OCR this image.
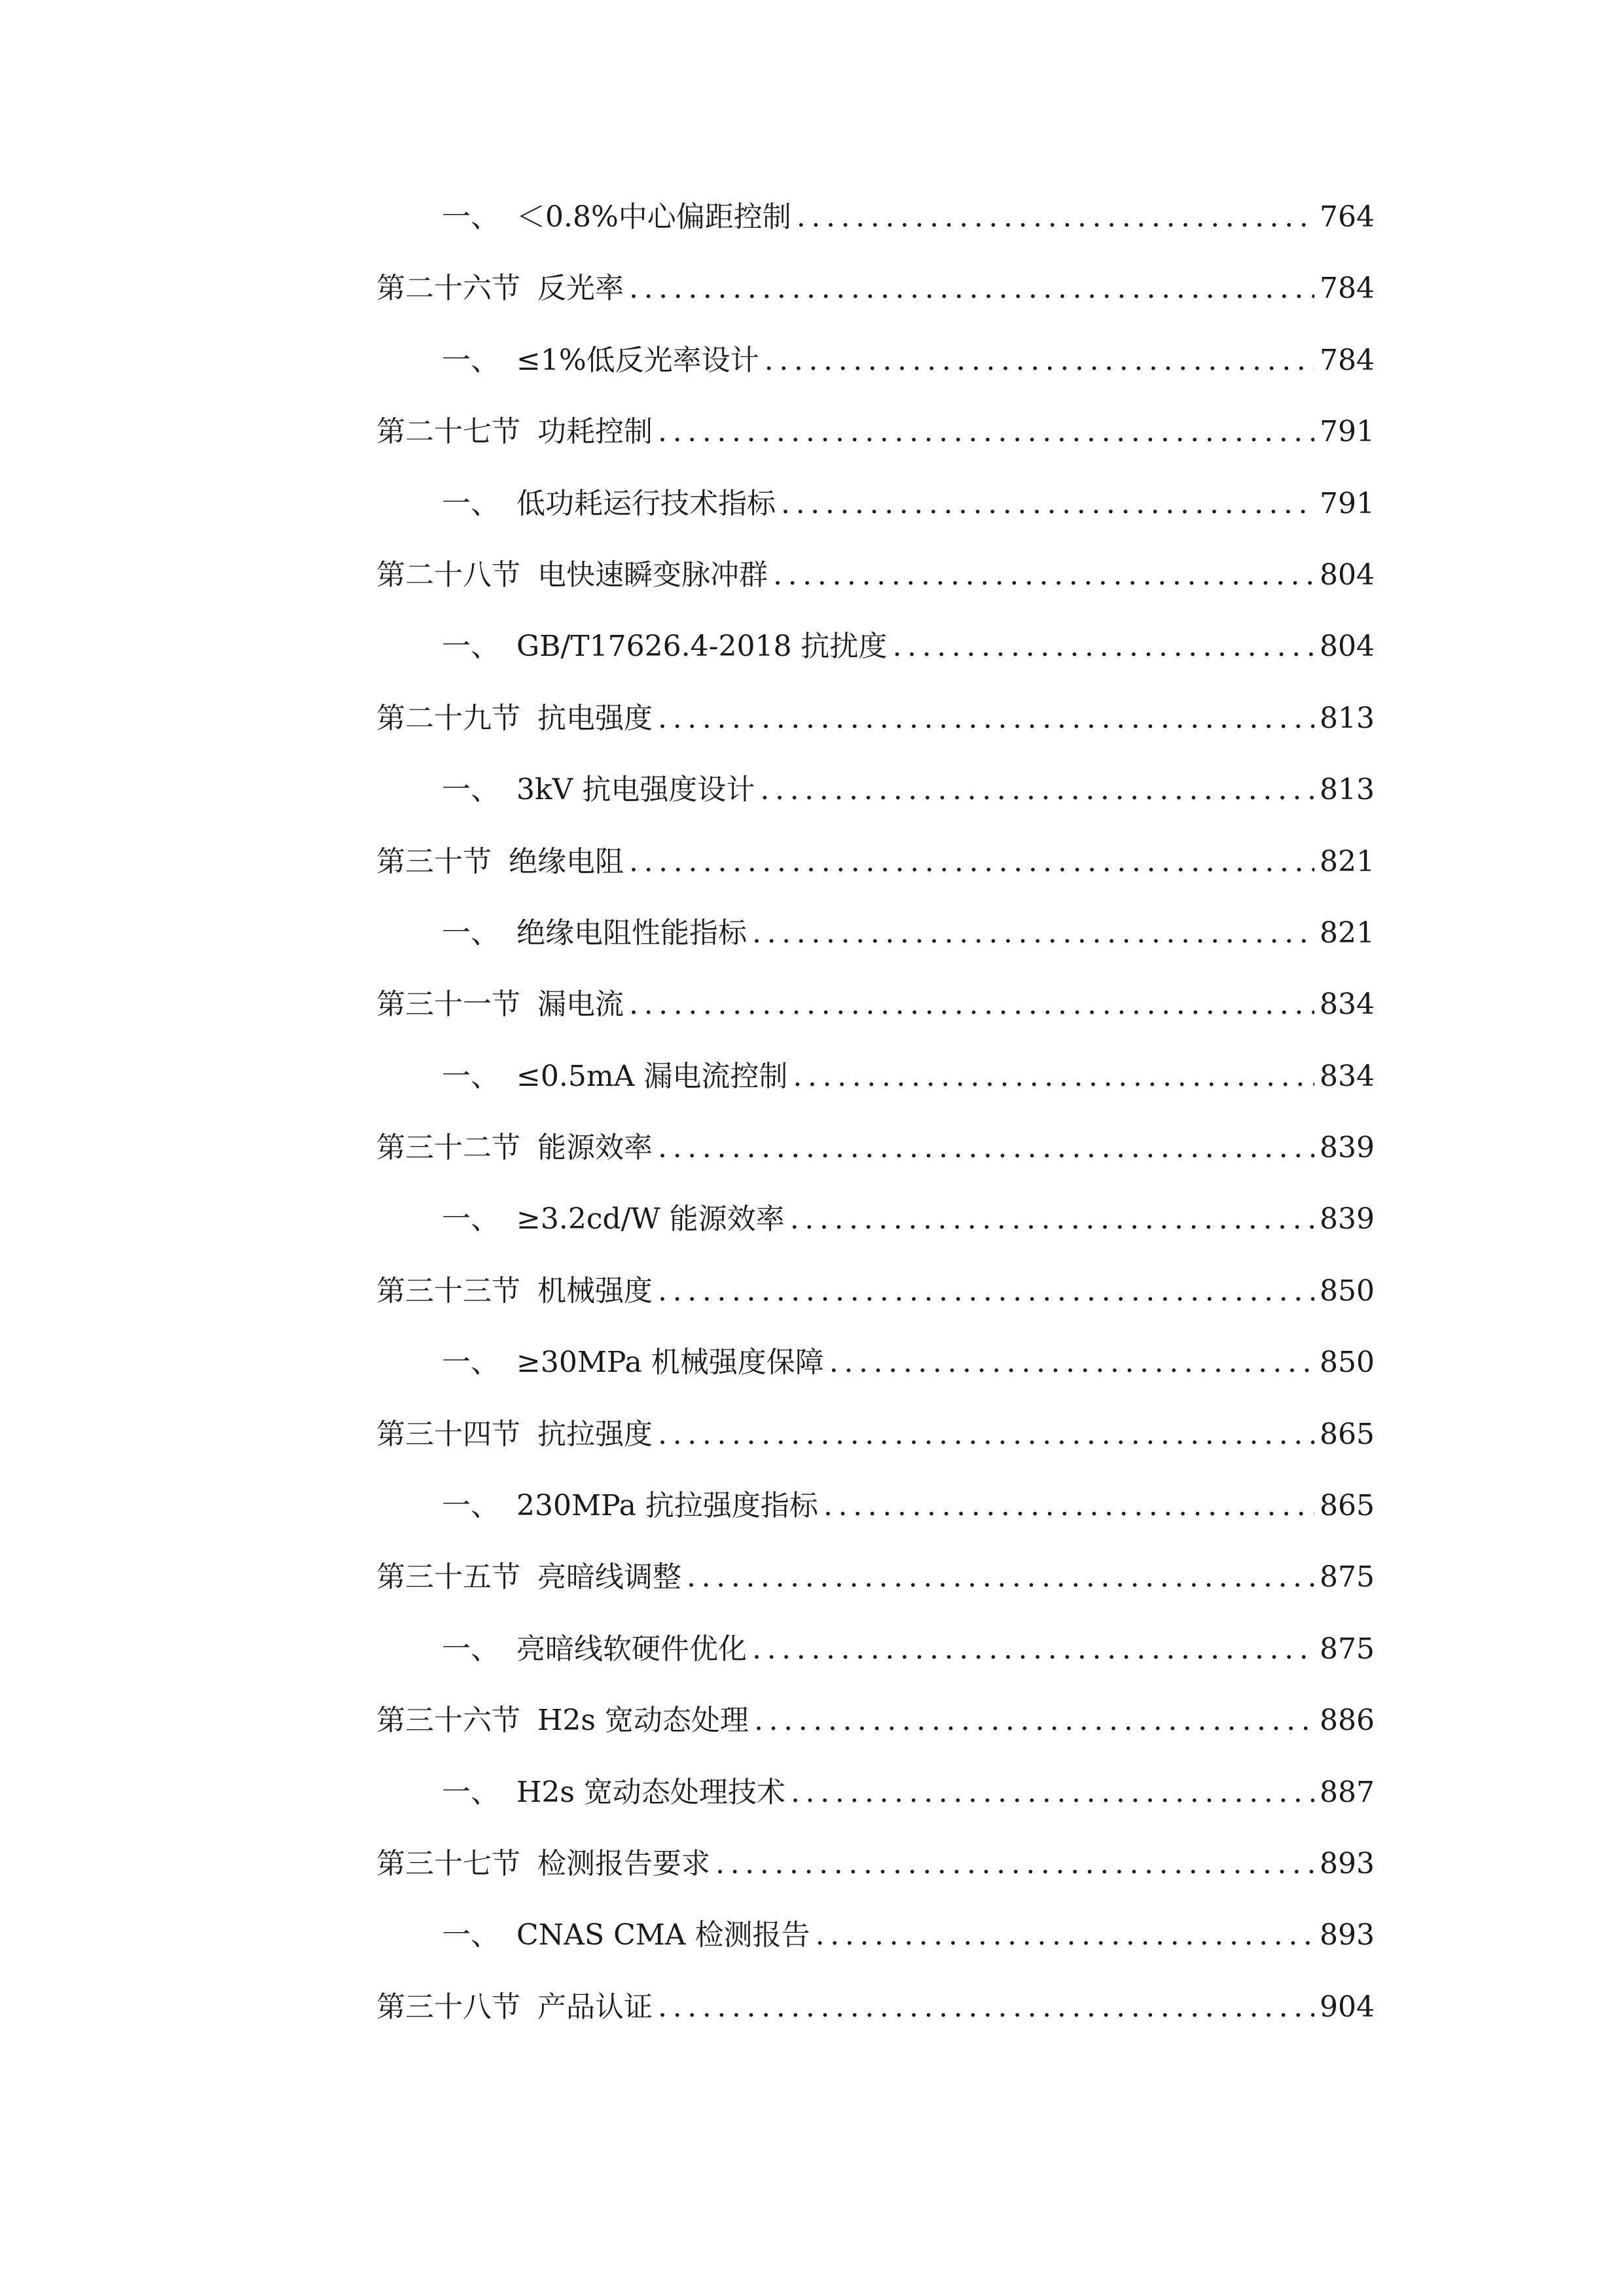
一、 ＜0.8%中心偏距控制 .....	764
第二十六节 反光率 .....	784
一、 ≤1%低反光率设计 .....	784
第二十七节 功耗控制 .....	791
一、 低功耗运行技术指标 .....	791
第二十八节 电快速瞬变脉冲群 .....	804
一、 GB/T17626.4-2018 抗扰度 .....	804
第二十九节 抗电强度 .....	813
一、 3kV 抗电强度设计 .....	813
第三十节 绝缘电阻 .....	821
一、 绝缘电阻性能指标 .....	821
第三十一节 漏电流 .....	834
一、 ≤0.5mA 漏电流控制 .....	834
第三十二节 能源效率 .....	839
一、 ≥3.2cd/W 能源效率 .....	839
第三十三节 机械强度 .....	850
一、 ≥30MPa 机械强度保障 .....	850
第三十四节 抗拉强度 .....	865
一、 230MPa 抗拉强度指标 .....	865
第三十五节 亮暗线调整 .....	875
一、 亮暗线软硬件优化 .....	875
第三十六节 H2s 宽动态处理 .....	886
一、 H2s 宽动态处理技术 .....	887
第三十七节 检测报告要求 .....	893
一、 CNAS CMA 检测报告 .....	893
第三十八节 产品认证 .....	904
